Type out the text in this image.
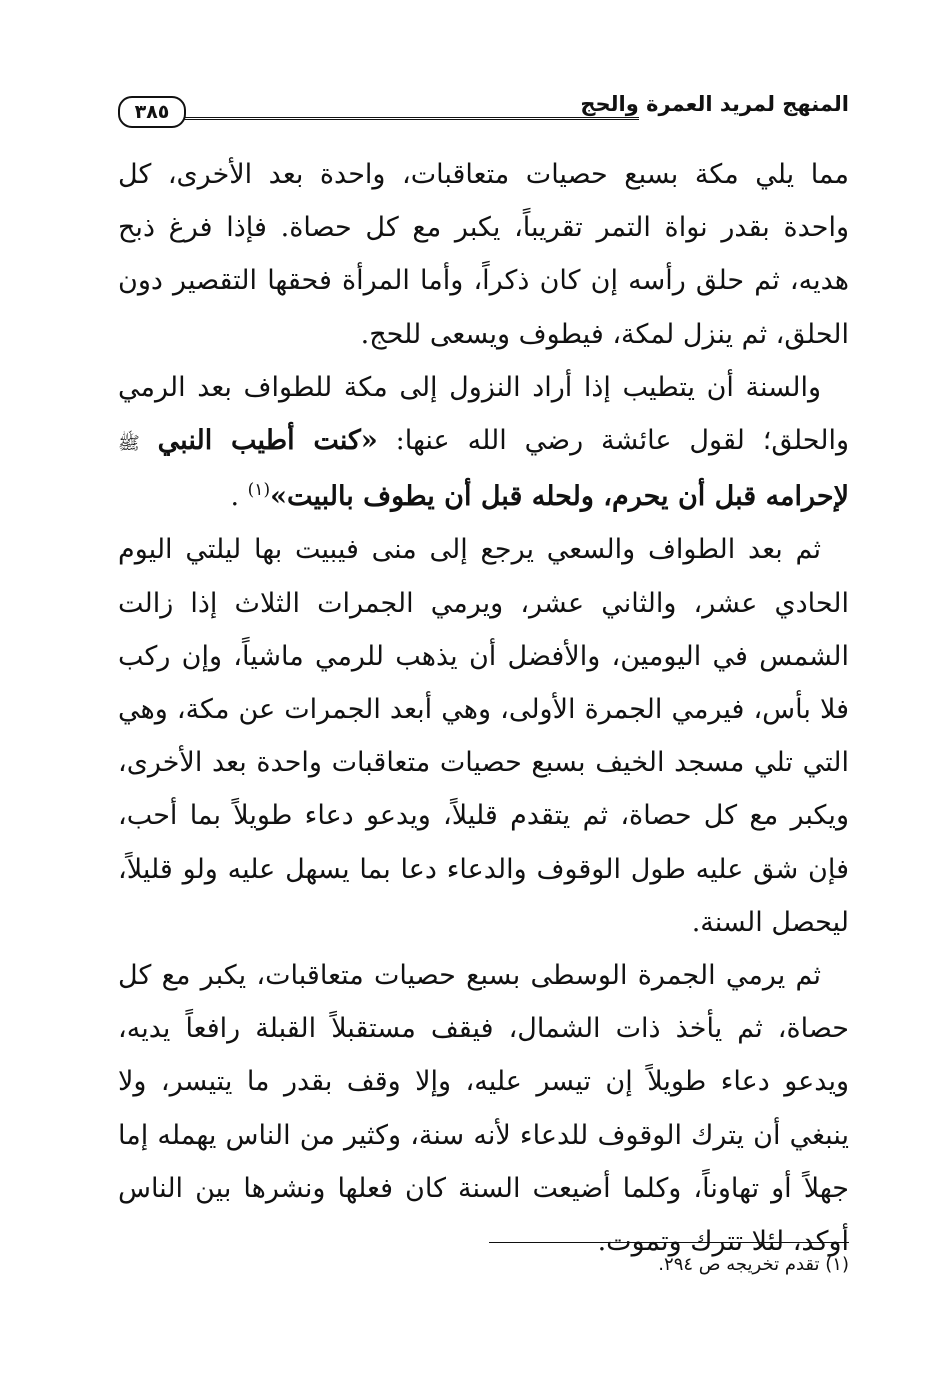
المنهج لمريد العمرة والحج
٣٨٥

مما يلي مكة بسبع حصيات متعاقبات، واحدة بعد الأخرى، كل واحدة بقدر نواة التمر تقريباً، يكبر مع كل حصاة. فإذا فرغ ذبح هديه، ثم حلق رأسه إن كان ذكراً، وأما المرأة فحقها التقصير دون الحلق، ثم ينزل لمكة، فيطوف ويسعى للحج.

والسنة أن يتطيب إذا أراد النزول إلى مكة للطواف بعد الرمي والحلق؛ لقول عائشة رضي الله عنها: «كنت أطيب النبي ﷺ لإحرامه قبل أن يحرم، ولحله قبل أن يطوف بالبيت»$^{(١)}$ .

ثم بعد الطواف والسعي يرجع إلى منى فيبيت بها ليلتي اليوم الحادي عشر، والثاني عشر، ويرمي الجمرات الثلاث إذا زالت الشمس في اليومين، والأفضل أن يذهب للرمي ماشياً، وإن ركب فلا بأس، فيرمي الجمرة الأولى، وهي أبعد الجمرات عن مكة، وهي التي تلي مسجد الخيف بسبع حصيات متعاقبات واحدة بعد الأخرى، ويكبر مع كل حصاة، ثم يتقدم قليلاً، ويدعو دعاء طويلاً بما أحب، فإن شق عليه طول الوقوف والدعاء دعا بما يسهل عليه ولو قليلاً، ليحصل السنة.

ثم يرمي الجمرة الوسطى بسبع حصيات متعاقبات، يكبر مع كل حصاة، ثم يأخذ ذات الشمال، فيقف مستقبلاً القبلة رافعاً يديه، ويدعو دعاء طويلاً إن تيسر عليه، وإلا وقف بقدر ما يتيسر، ولا ينبغي أن يترك الوقوف للدعاء لأنه سنة، وكثير من الناس يهمله إما جهلاً أو تهاوناً، وكلما أضيعت السنة كان فعلها ونشرها بين الناس أوكد، لئلا تترك وتموت.

(١) تقدم تخريجه ص ٢٩٤.
